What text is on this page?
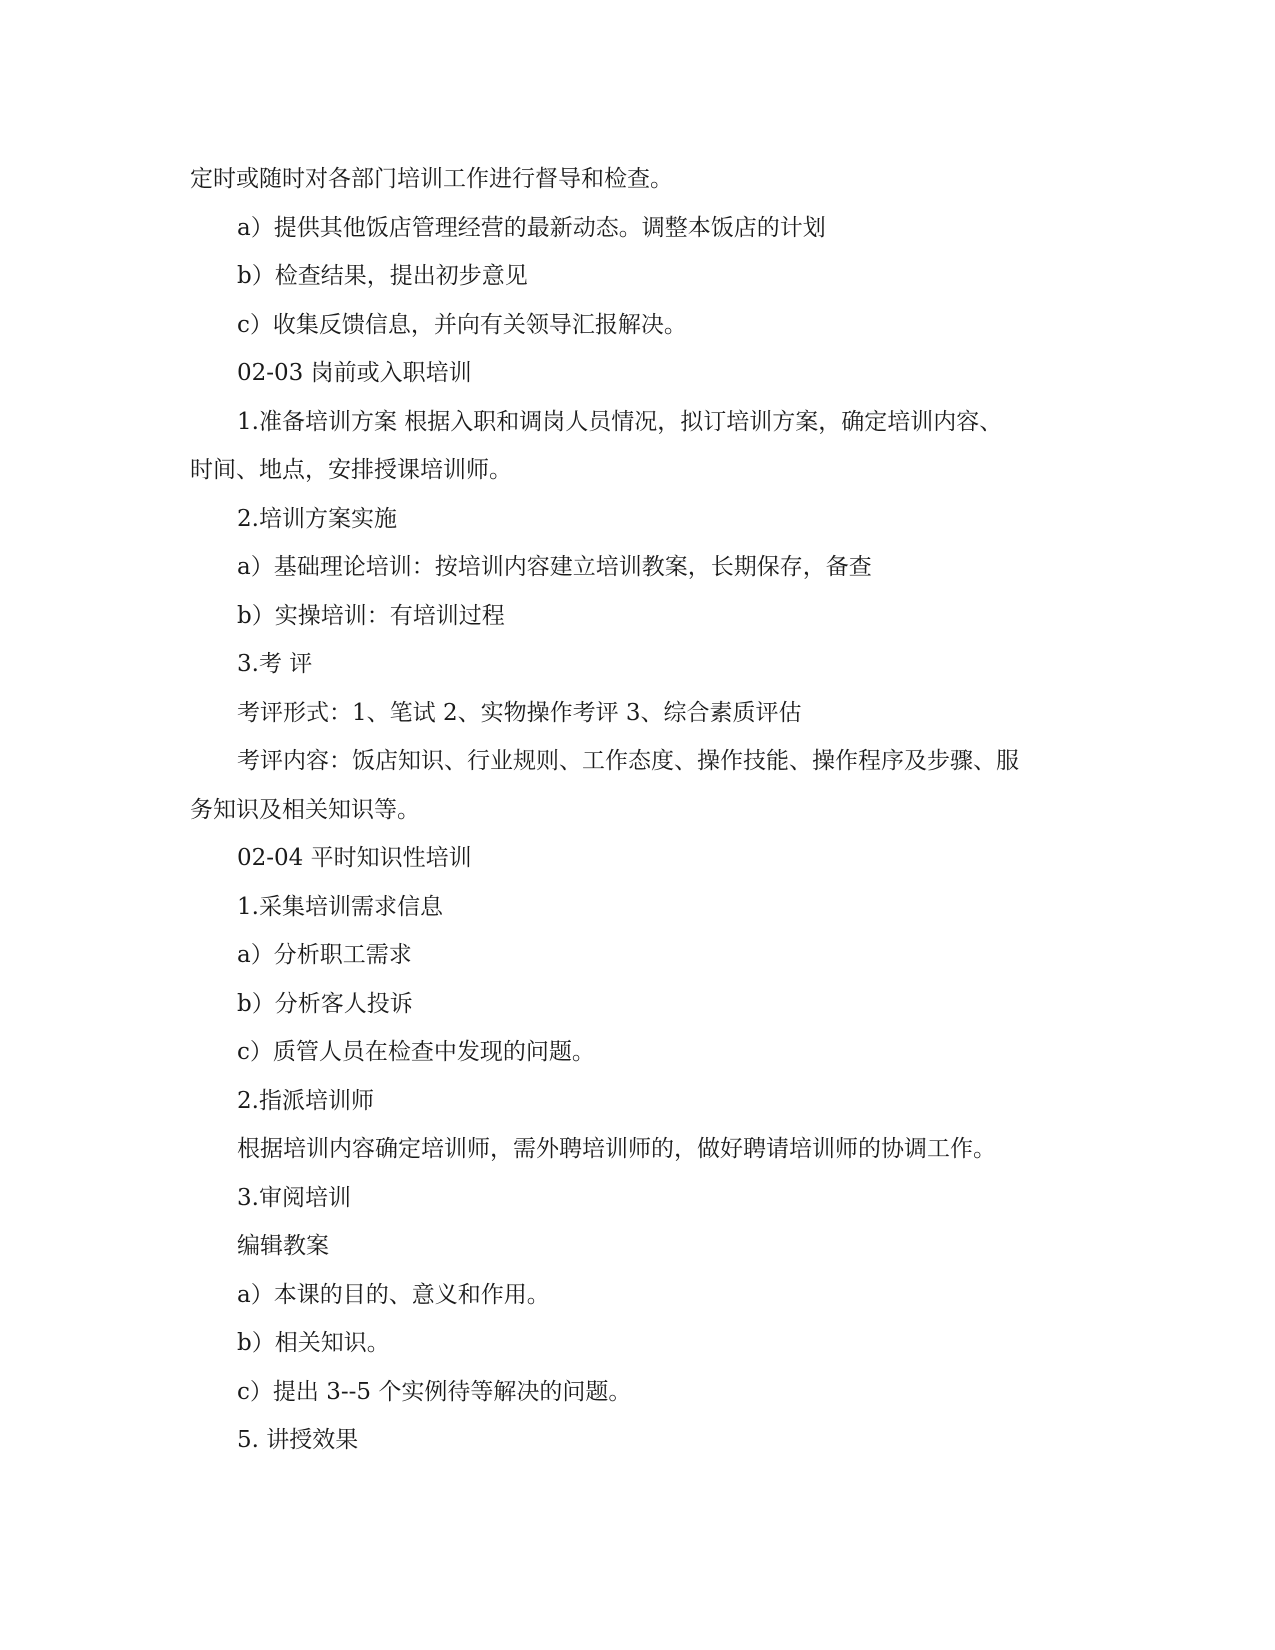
定时或随时对各部门培训工作进行督导和检查。

a）提供其他饭店管理经营的最新动态。调整本饭店的计划

b）检查结果，提出初步意见

c）收集反馈信息，并向有关领导汇报解决。

02-03 岗前或入职培训

1.准备培训方案 根据入职和调岗人员情况，拟订培训方案，确定培训内容、

时间、地点，安排授课培训师。

2.培训方案实施

a）基础理论培训：按培训内容建立培训教案，长期保存，备查

b）实操培训：有培训过程

3.考 评

考评形式：1、笔试 2、实物操作考评 3、综合素质评估

考评内容：饭店知识、行业规则、工作态度、操作技能、操作程序及步骤、服

务知识及相关知识等。

02-04 平时知识性培训

1.采集培训需求信息

a）分析职工需求

b）分析客人投诉

c）质管人员在检查中发现的问题。

2.指派培训师

根据培训内容确定培训师，需外聘培训师的，做好聘请培训师的协调工作。

3.审阅培训

编辑教案

a）本课的目的、意义和作用。

b）相关知识。

c）提出 3--5 个实例待等解决的问题。

5. 讲授效果
